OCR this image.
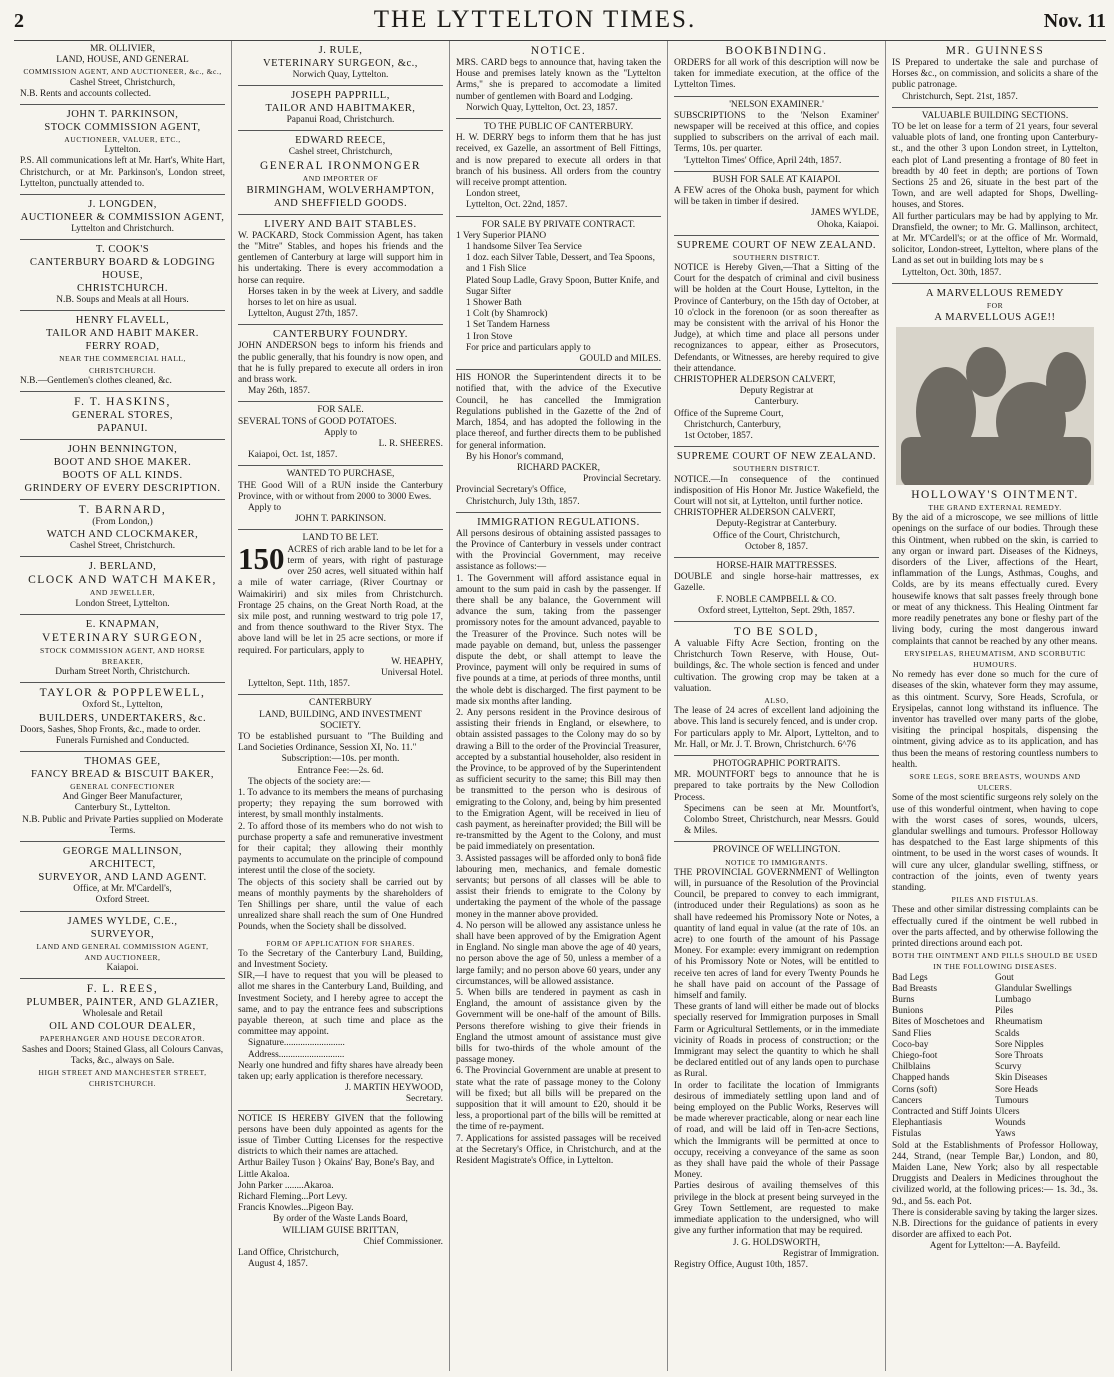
2	THE LYTTELTON TIMES.	Nov. 11
MR. OLLIVIER,
LAND, HOUSE, AND GENERAL
COMMISSION AGENT, AND AUCTIONEER, &c., &c.,
Cashel Street, Christchurch,
N.B. Rents and accounts collected.
JOHN T. PARKINSON,
STOCK COMMISSION AGENT,
AUCTIONEER, VALUER, ETC.,
Lyttelton.
P.S. All communications left at Mr. Hart's, White Hart, Christchurch, or at Mr. Parkinson's, London street, Lyttelton, punctually attended to.
J. LONGDEN,
AUCTIONEER & COMMISSION AGENT,
Lyttelton and Christchurch.
T. COOK'S
CANTERBURY BOARD & LODGING
HOUSE,
CHRISTCHURCH.
N.B. Soups and Meals at all Hours.
HENRY FLAVELL,
TAILOR AND HABIT MAKER.
FERRY ROAD,
NEAR THE COMMERCIAL HALL,
CHRISTCHURCH.
N.B.—Gentlemen's clothes cleaned, &c.
F. T. HASKINS,
GENERAL STORES,
PAPANUI.
JOHN BENNINGTON,
BOOT AND SHOE MAKER.
BOOTS OF ALL KINDS.
GRINDERY OF EVERY DESCRIPTION.
T. BARNARD,
(From London,)
WATCH AND CLOCKMAKER,
Cashel Street, Christchurch.
J. BERLAND,
CLOCK AND WATCH MAKER,
AND JEWELLER,
London Street, Lyttelton.
E. KNAPMAN,
VETERINARY SURGEON,
STOCK COMMISSION AGENT, AND HORSE
BREAKER,
Durham Street North, Christchurch.
TAYLOR & POPPLEWELL,
Oxford St., Lyttelton,
BUILDERS, UNDERTAKERS, &c.
Doors, Sashes, Shop Fronts, &c., made to order.
Funerals Furnished and Conducted.
THOMAS GEE,
FANCY BREAD & BISCUIT BAKER,
GENERAL CONFECTIONER
And Ginger Beer Manufacturer,
Canterbury St., Lyttelton.
N.B. Public and Private Parties supplied on Moderate Terms.
GEORGE MALLINSON,
ARCHITECT,
SURVEYOR, AND LAND AGENT.
Office, at Mr. M'Cardell's,
Oxford Street.
JAMES WYLDE, C.E.,
SURVEYOR,
LAND AND GENERAL COMMISSION AGENT,
AND AUCTIONEER,
Kaiapoi.
F. L. REES,
PLUMBER, PAINTER, AND GLAZIER,
Wholesale and Retail
OIL AND COLOUR DEALER,
PAPERHANGER AND HOUSE DECORATOR.
Sashes and Doors; Stained Glass, all Colours Canvas, Tacks, &c., always on Sale.
HIGH STREET AND MANCHESTER STREET, CHRISTCHURCH.
J. RULE,
VETERINARY SURGEON, &c.,
Norwich Quay, Lyttelton.
JOSEPH PAPPRILL,
TAILOR AND HABITMAKER,
Papanui Road, Christchurch.
EDWARD REECE,
Cashel street, Christchurch,
GENERAL IRONMONGER
AND IMPORTER OF
BIRMINGHAM, WOLVERHAMPTON,
AND SHEFFIELD GOODS.
LIVERY AND BAIT STABLES.
W. PACKARD, Stock Commission Agent, has taken the "Mitre" Stables, and hopes his friends and the gentlemen of Canterbury at large will support him in his undertaking. There is every accommodation a horse can require.
Horses taken in by the week at Livery, and saddle horses to let on hire as usual.
Lyttelton, August 27th, 1857.
CANTERBURY FOUNDRY.
JOHN ANDERSON begs to inform his friends and the public generally, that his foundry is now open, and that he is fully prepared to execute all orders in iron and brass work.
May 26th, 1857.
FOR SALE.
SEVERAL TONS of GOOD POTATOES.
Apply to
L. R. SHEERES.
Kaiapoi, Oct. 1st, 1857.
WANTED TO PURCHASE,
THE Good Will of a RUN inside the Canterbury Province, with or without from 2000 to 3000 Ewes.
Apply to
JOHN T. PARKINSON.
LAND TO BE LET.
150 ACRES of rich arable land to be let for a term of years, with right of pasturage over 250 acres, well situated within half a mile of water carriage, (River Courtnay or Waimakiriri) and six miles from Christchurch. Frontage 25 chains, on the Great North Road, at the six mile post, and running westward to trig pole 17, and from thence southward to the River Styx. The above land will be let in 25 acre sections, or more if required. For particulars, apply to
W. HEAPHY,
Universal Hotel.
Lyttelton, Sept. 11th, 1857.
CANTERBURY
LAND, BUILDING, AND INVESTMENT
SOCIETY.
TO be established pursuant to "The Building and Land Societies Ordinance, Session XI, No. 11."
Subscription:—10s. per month.
Entrance Fee:—2s. 6d.
The objects of the society are:—
1. To advance to its members the means of purchasing property; they repaying the sum borrowed with interest, by small monthly instalments.
2. To afford those of its members who do not wish to purchase property a safe and remunerative investment for their capital; they allowing their monthly payments to accumulate on the principle of compound interest until the close of the society.
The objects of this society shall be carried out by means of monthly payments by the shareholders of Ten Shillings per share, until the value of each unrealized share shall reach the sum of One Hundred Pounds, when the Society shall be dissolved.
FORM OF APPLICATION FOR SHARES.
To the Secretary of the Canterbury Land, Building, and Investment Society.
SIR,—I have to request that you will be pleased to allot me shares in the Canterbury Land, Building, and Investment Society, and I hereby agree to accept the same, and to pay the entrance fees and subscriptions payable thereon, at such time and place as the committee may appoint.
Signature..........................
Address............................
Nearly one hundred and fifty shares have already been taken up; early application is therefore necessary.
J. MARTIN HEYWOOD,
Secretary.
NOTICE IS HEREBY GIVEN that the following persons have been duly appointed as agents for the issue of Timber Cutting Licenses for the respective districts to which their names are attached.
Arthur Bailey Tuson } Okains' Bay, Bone's Bay, and Little Akaloa.
John Parker ........Akaroa.
Richard Fleming...Port Levy.
Francis Knowles...Pigeon Bay.
By order of the Waste Lands Board,
WILLIAM GUISE BRITTAN,
Chief Commissioner.
Land Office, Christchurch,
August 4, 1857.
NOTICE.
MRS. CARD begs to announce that, having taken the House and premises lately known as the "Lyttelton Arms," she is prepared to accomodate a limited number of gentlemen with Board and Lodging.
Norwich Quay, Lyttelton, Oct. 23, 1857.
TO THE PUBLIC OF CANTERBURY.
H. W. DERRY begs to inform them that he has just received, ex Gazelle, an assortment of Bell Fittings, and is now prepared to execute all orders in that branch of his business. All orders from the country will receive prompt attention.
London street,
Lyttelton, Oct. 22nd, 1857.
FOR SALE BY PRIVATE CONTRACT.
1 Very Superior PIANO
1 handsome Silver Tea Service
1 doz. each Silver Table, Dessert, and Tea Spoons, and 1 Fish Slice
Plated Soup Ladle, Gravy Spoon, Butter Knife, and Sugar Sifter
1 Shower Bath
1 Colt (by Shamrock)
1 Set Tandem Harness
1 Iron Stove
For price and particulars apply to
GOULD and MILES.
HIS HONOR the Superintendent directs it to be notified that, with the advice of the Executive Council, he has cancelled the Immigration Regulations published in the Gazette of the 2nd of March, 1854, and has adopted the following in the place thereof, and further directs them to be published for general information.
By his Honor's command,
RICHARD PACKER,
Provincial Secretary.
Provincial Secretary's Office,
Christchurch, July 13th, 1857.
IMMIGRATION REGULATIONS.
All persons desirous of obtaining assisted passages to the Province of Canterbury in vessels under contract with the Provincial Government, may receive assistance as follows:—
1. The Government will afford assistance equal in amount to the sum paid in cash by the passenger. If there shall be any balance, the Government will advance the sum, taking from the passenger promissory notes for the amount advanced, payable to the Treasurer of the Province. Such notes will be made payable on demand, but, unless the passenger dispute the debt, or shall attempt to leave the Province, payment will only be required in sums of five pounds at a time, at periods of three months, until the whole debt is discharged. The first payment to be made six months after landing.
2. Any persons resident in the Province desirous of assisting their friends in England, or elsewhere, to obtain assisted passages to the Colony may do so by drawing a Bill to the order of the Provincial Treasurer, accepted by a substantial householder, also resident in the Province, to be approved of by the Superintendent as sufficient security to the same; this Bill may then be transmitted to the person who is desirous of emigrating to the Colony, and, being by him presented to the Emigration Agent, will be received in lieu of cash payment, as hereinafter provided; the Bill will be re-transmitted by the Agent to the Colony, and must be paid immediately on presentation.
3. Assisted passages will be afforded only to bonâ fide labouring men, mechanics, and female domestic servants; but persons of all classes will be able to assist their friends to emigrate to the Colony by undertaking the payment of the whole of the passage money in the manner above provided.
4. No person will be allowed any assistance unless he shall have been approved of by the Emigration Agent in England. No single man above the age of 40 years, no person above the age of 50, unless a member of a large family; and no person above 60 years, under any circumstances, will be allowed assistance.
5. When bills are tendered in payment as cash in England, the amount of assistance given by the Government will be one-half of the amount of Bills. Persons therefore wishing to give their friends in England the utmost amount of assistance must give bills for two-thirds of the whole amount of the passage money.
6. The Provincial Government are unable at present to state what the rate of passage money to the Colony will be fixed; but all bills will be prepared on the supposition that it will amount to £20, should it be less, a proportional part of the bills will be remitted at the time of re-payment.
7. Applications for assisted passages will be received at the Secretary's Office, in Christchurch, and at the Resident Magistrate's Office, in Lyttelton.
BOOKBINDING.
ORDERS for all work of this description will now be taken for immediate execution, at the office of the Lyttelton Times.
'NELSON EXAMINER.'
SUBSCRIPTIONS to the 'Nelson Examiner' newspaper will be received at this office, and copies supplied to subscribers on the arrival of each mail. Terms, 10s. per quarter.
'Lyttelton Times' Office, April 24th, 1857.
BUSH FOR SALE AT KAIAPOI.
A FEW acres of the Ohoka bush, payment for which will be taken in timber if desired.
JAMES WYLDE,
Ohoka, Kaiapoi.
SUPREME COURT OF NEW ZEALAND.
SOUTHERN DISTRICT.
NOTICE is Hereby Given,—That a Sitting of the Court for the despatch of criminal and civil business will be holden at the Court House, Lyttelton, in the Province of Canterbury, on the 15th day of October, at 10 o'clock in the forenoon (or as soon thereafter as may be consistent with the arrival of his Honor the Judge), at which time and place all persons under recognizances to appear, either as Prosecutors, Defendants, or Witnesses, are hereby required to give their attendance.
CHRISTOPHER ALDERSON CALVERT,
Deputy Registrar at
Canterbury.
Office of the Supreme Court,
Christchurch, Canterbury,
1st October, 1857.
SUPREME COURT OF NEW ZEALAND.
SOUTHERN DISTRICT.
NOTICE.—In consequence of the continued indisposition of His Honor Mr. Justice Wakefield, the Court will not sit, at Lyttelton, until further notice.
CHRISTOPHER ALDERSON CALVERT,
Deputy-Registrar at Canterbury.
Office of the Court, Christchurch,
October 8, 1857.
HORSE-HAIR MATTRESSES.
DOUBLE and single horse-hair mattresses, ex Gazelle.
F. NOBLE CAMPBELL & CO.
Oxford street, Lyttelton, Sept. 29th, 1857.
TO BE SOLD,
A valuable Fifty Acre Section, fronting on the Christchurch Town Reserve, with House, Out-buildings, &c. The whole section is fenced and under cultivation. The growing crop may be taken at a valuation.
ALSO,
The lease of 24 acres of excellent land adjoining the above. This land is securely fenced, and is under crop.
For particulars apply to Mr. Alport, Lyttelton, and to Mr. Hall, or Mr. J. T. Brown, Christchurch. 6^76
PHOTOGRAPHIC PORTRAITS.
MR. MOUNTFORT begs to announce that he is prepared to take portraits by the New Collodion Process.
Specimens can be seen at Mr. Mountfort's, Colombo Street, Christchurch, near Messrs. Gould & Miles.
PROVINCE OF WELLINGTON.
NOTICE TO IMMIGRANTS.
THE PROVINCIAL GOVERNMENT of Wellington will, in pursuance of the Resolution of the Provincial Council, be prepared to convey to each immigrant, (introduced under their Regulations) as soon as he shall have redeemed his Promissory Note or Notes, a quantity of land equal in value (at the rate of 10s. an acre) to one fourth of the amount of his Passage Money. For example: every immigrant on redemption of his Promissory Note or Notes, will be entitled to receive ten acres of land for every Twenty Pounds he he shall have paid on account of the Passage of himself and family.
These grants of land will either be made out of blocks specially reserved for Immigration purposes in Small Farm or Agricultural Settlements, or in the immediate vicinity of Roads in process of construction; or the Immigrant may select the quantity to which he shall be declared entitled out of any lands open to purchase as Rural.
In order to facilitate the location of Immigrants desirous of immediately settling upon land and of being employed on the Public Works, Reserves will be made wherever practicable, along or near each line of road, and will be laid off in Ten-acre Sections, which the Immigrants will be permitted at once to occupy, receiving a conveyance of the same as soon as they shall have paid the whole of their Passage Money.
Parties desirous of availing themselves of this privilege in the block at present being surveyed in the Grey Town Settlement, are requested to make immediate application to the undersigned, who will give any further information that may be required.
J. G. HOLDSWORTH,
Registrar of Immigration.
Registry Office, August 10th, 1857.
MR. GUINNESS
IS Prepared to undertake the sale and purchase of Horses &c., on commission, and solicits a share of the public patronage.
Christchurch, Sept. 21st, 1857.
VALUABLE BUILDING SECTIONS.
TO be let on lease for a term of 21 years, four several valuable plots of land, one fronting upon Canterbury-st., and the other 3 upon London street, in Lyttelton, each plot of Land presenting a frontage of 80 feet in breadth by 40 feet in depth; are portions of Town Sections 25 and 26, situate in the best part of the Town, and are well adapted for Shops, Dwelling-houses, and Stores.
All further particulars may be had by applying to Mr. Dransfield, the owner; to Mr. G. Mallinson, architect, at Mr. M'Cardell's; or at the office of Mr. Wormald, solicitor, London-street, Lyttelton, where plans of the Land as set out in building lots may be s
Lyttelton, Oct. 30th, 1857.
A MARVELLOUS REMEDY
FOR
A MARVELLOUS AGE!!
HOLLOWAY'S OINTMENT.
THE GRAND EXTERNAL REMEDY.
By the aid of a microscope, we see millions of little openings on the surface of our bodies. Through these this Ointment, when rubbed on the skin, is carried to any organ or inward part. Diseases of the Kidneys, disorders of the Liver, affections of the Heart, inflammation of the Lungs, Asthmas, Coughs, and Colds, are by its means effectually cured. Every housewife knows that salt passes freely through bone or meat of any thickness. This Healing Ointment far more readily penetrates any bone or fleshy part of the living body, curing the most dangerous inward complaints that cannot be reached by any other means.
ERYSIPELAS, RHEUMATISM, AND SCORBUTIC HUMOURS.
No remedy has ever done so much for the cure of diseases of the skin, whatever form they may assume, as this ointment. Scurvy, Sore Heads, Scrofula, or Erysipelas, cannot long withstand its influence. The inventor has travelled over many parts of the globe, visiting the principal hospitals, dispensing the ointment, giving advice as to its application, and has thus been the means of restoring countless numbers to health.
SORE LEGS, SORE BREASTS, WOUNDS AND ULCERS.
Some of the most scientific surgeons rely solely on the use of this wonderful ointment, when having to cope with the worst cases of sores, wounds, ulcers, glandular swellings and tumours. Professor Holloway has despatched to the East large shipments of this ointment, to be used in the worst cases of wounds. It will cure any ulcer, glandular swelling, stiffness, or contraction of the joints, even of twenty years standing.
PILES AND FISTULAS.
These and other similar distressing complaints can be effectually cured if the ointment be well rubbed in over the parts affected, and by otherwise following the printed directions around each pot.
BOTH THE OINTMENT AND PILLS SHOULD BE USED IN THE FOLLOWING DISEASES.
Bad Legs
Bad Breasts
Burns
Bunions
Bites of Moschetoes and Sand Flies
Coco-bay
Chiego-foot
Chilblains
Chapped hands
Corns (soft)
Cancers
Contracted and Stiff Joints
Elephantiasis
Fistulas
Gout
Glandular Swellings
Lumbago
Piles
Rheumatism
Scalds
Sore Nipples
Sore Throats
Scurvy
Skin Diseases
Sore Heads
Tumours
Ulcers
Wounds
Yaws
Sold at the Establishments of Professor Holloway, 244, Strand, (near Temple Bar,) London, and 80, Maiden Lane, New York; also by all respectable Druggists and Dealers in Medicines throughout the civilized world, at the following prices:— 1s. 3d., 3s. 9d., and 5s. each Pot.
There is considerable saving by taking the larger sizes.
N.B. Directions for the guidance of patients in every disorder are affixed to each Pot.
Agent for Lyttelton:—A. Bayfeild.
